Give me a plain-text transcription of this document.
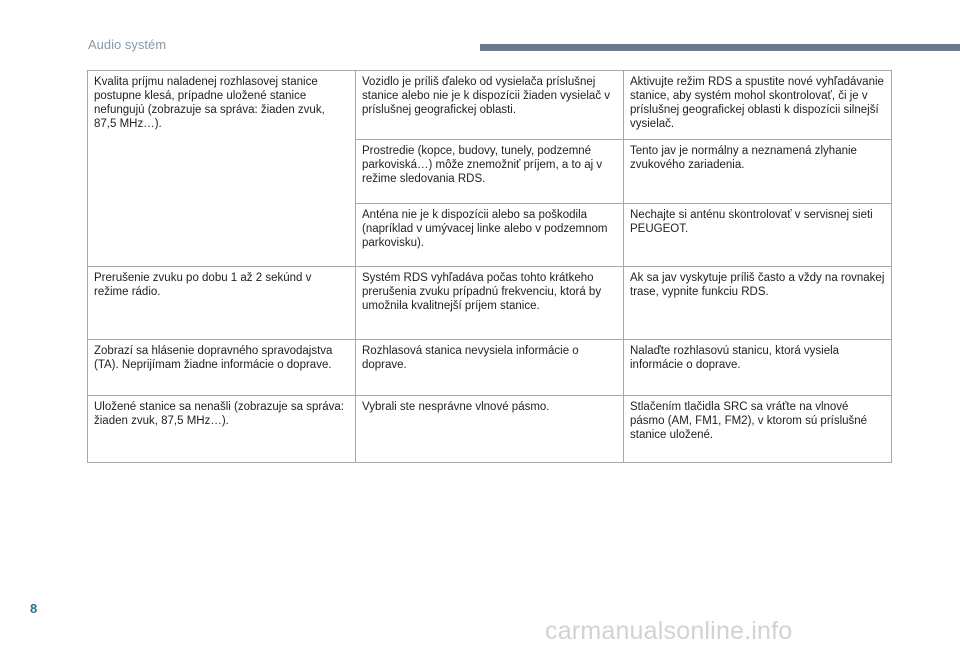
Audio systém
Kvalita príjmu naladenej rozhlasovej stanice postupne klesá, prípadne uložené stanice nefungujú (zobrazuje sa správa: žiaden zvuk, 87,5 MHz…).	Vozidlo je príliš ďaleko od vysielača príslušnej stanice alebo nie je k dispozícii žiaden vysielač v príslušnej geografickej oblasti.	Aktivujte režim RDS a spustite nové vyhľadávanie stanice, aby systém mohol skontrolovať, či je v príslušnej geografickej oblasti k dispozícii silnejší vysielač.
	Prostredie (kopce, budovy, tunely, podzemné parkoviská…) môže znemožniť príjem, a to aj v režime sledovania RDS.	Tento jav je normálny a neznamená zlyhanie zvukového zariadenia.
	Anténa nie je k dispozícii alebo sa poškodila (napríklad v umývacej linke alebo v podzemnom parkovisku).	Nechajte si anténu skontrolovať v servisnej sieti PEUGEOT.
Prerušenie zvuku po dobu 1 až 2 sekúnd v režime rádio.	Systém RDS vyhľadáva počas tohto krátkeho prerušenia zvuku prípadnú frekvenciu, ktorá by umožnila kvalitnejší príjem stanice.	Ak sa jav vyskytuje príliš často a vždy na rovnakej trase, vypnite funkciu RDS.
Zobrazí sa hlásenie dopravného spravodajstva (TA). Neprijímam žiadne informácie o doprave.	Rozhlasová stanica nevysiela informácie o doprave.	Nalaďte rozhlasovú stanicu, ktorá vysiela informácie o doprave.
Uložené stanice sa nenašli (zobrazuje sa správa: žiaden zvuk, 87,5 MHz…).	Vybrali ste nesprávne vlnové pásmo.	Stlačením tlačidla SRC sa vráťte na vlnové pásmo (AM, FM1, FM2), v ktorom sú príslušné stanice uložené.
8
carmanualsonline.info
